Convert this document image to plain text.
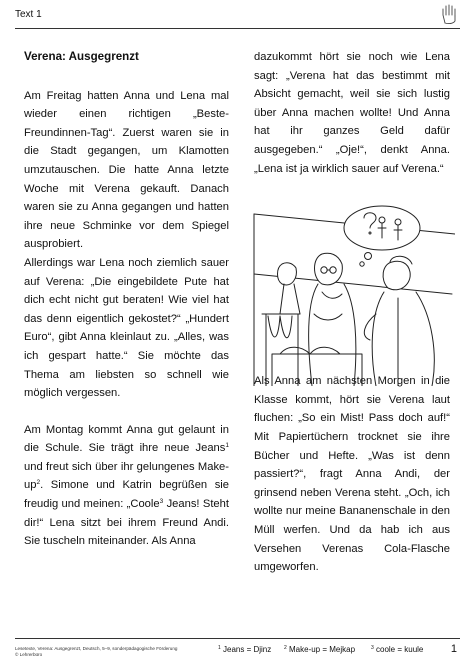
Text 1

Verena: Ausgegrenzt

Am Freitag hatten Anna und Lena mal wieder einen richtigen „Beste-Freundinnen-Tag“. Zuerst waren sie in die Stadt gegangen, um Klamotten umzutauschen. Die hatte Anna letzte Woche mit Verena gekauft. Danach waren sie zu Anna gegangen und hatten ihre neue Schminke vor dem Spiegel ausprobiert.

Allerdings war Lena noch ziemlich sauer auf Verena: „Die eingebildete Pute hat dich echt nicht gut beraten! Wie viel hat das denn eigentlich gekostet?“ „Hundert Euro“, gibt Anna kleinlaut zu. „Alles, was ich gespart hatte.“ Sie möchte das Thema am liebsten so schnell wie möglich vergessen.

Am Montag kommt Anna gut gelaunt in die Schule. Sie trägt ihre neue Jeans$^1$ und freut sich über ihr gelungenes Make-$up^2$. Simone und Katrin begrüßen sie freudig und meinen: „Coole$^3$ Jeans! Steht dir!“ Lena sitzt bei ihrem Freund Andi. Sie tuscheln miteinander. Als Anna

dazukommt hört sie noch wie Lena sagt: „Verena hat das bestimmt mit Absicht gemacht, weil sie sich lustig über Anna machen wollte! Und Anna hat ihr ganzes Geld dafür ausgegeben.“ „Oje!“, denkt Anna. „Lena ist ja wirklich sauer auf Verena.“

Als Anna am nächsten Morgen in die Klasse kommt, hört sie Verena laut fluchen: „So ein Mist! Pass doch auf!“ Mit Papiertüchern trocknet sie ihre Bücher und Hefte. „Was ist denn passiert?“, fragt Anna Andi, der grinsend neben Verena steht. „Och, ich wollte nur meine Bananenschale in den Müll werfen. Und da hab ich aus Versehen Verenas Cola-Flasche umgeworfen.

Lesetexte, Verena: Ausgegrenzt, Deutsch, 5–9, sonderpädagogische Förderung
© Lehrerbüro
$^1$ Jeans = Djinz	$^2$ Make-up = Mejkap	$^3$ coole = kuule	1
